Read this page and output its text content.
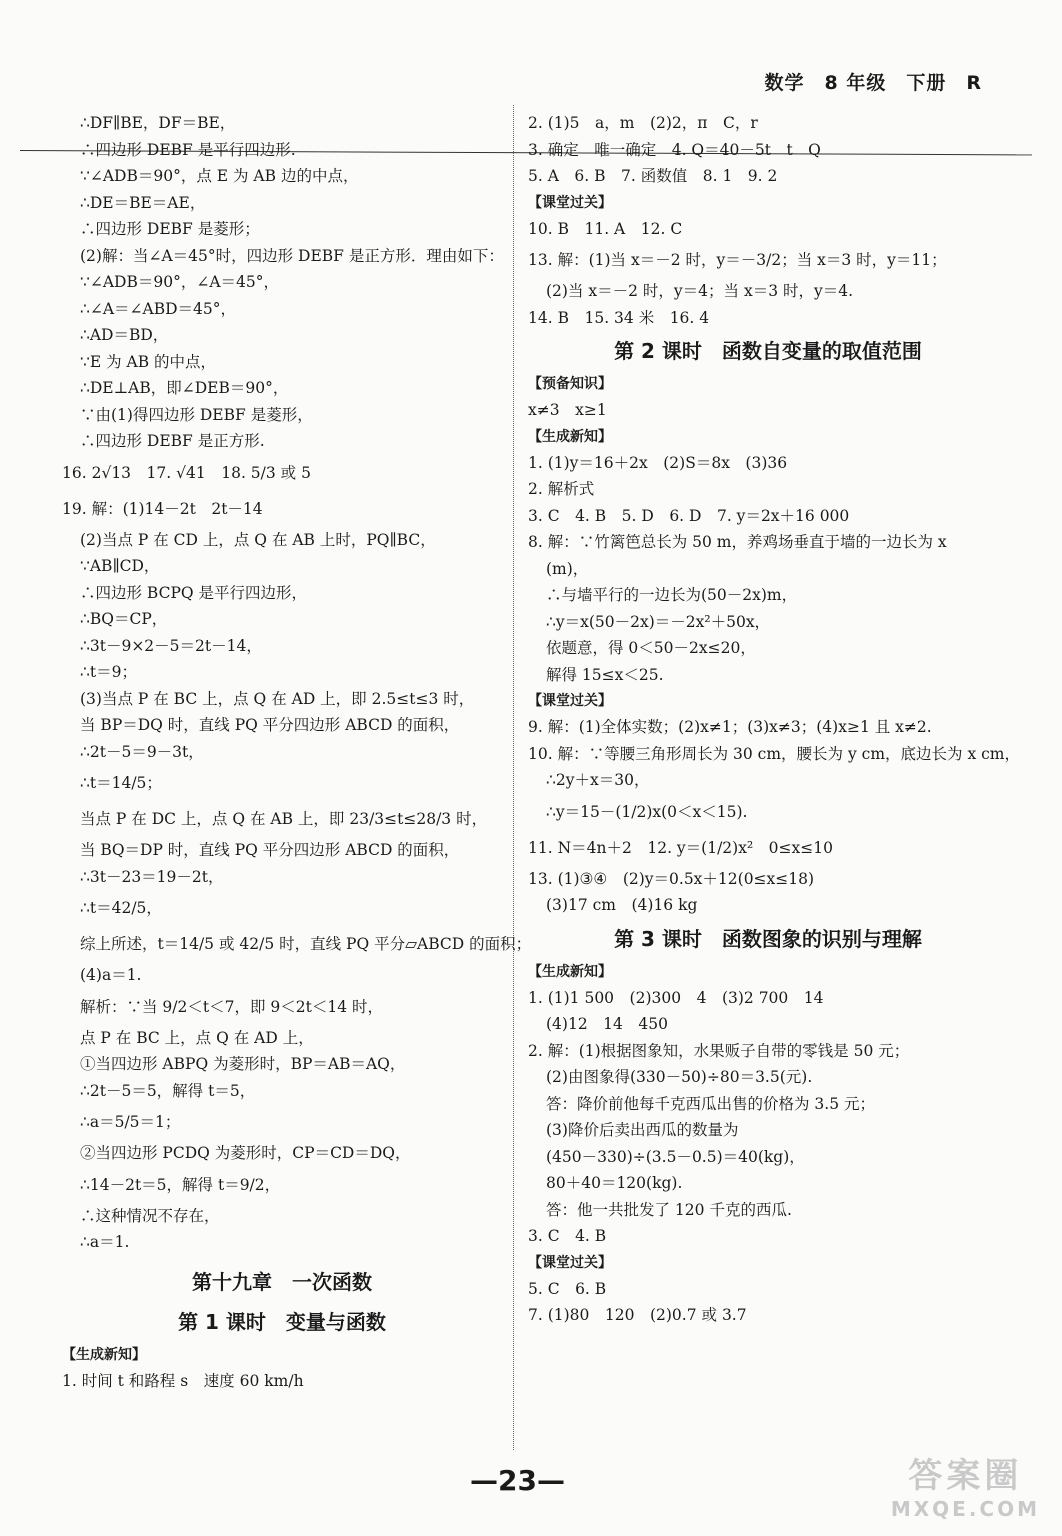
数学　8 年级　下册　R
∴DF∥BE，DF＝BE，
∴四边形 DEBF 是平行四边形.
∵∠ADB＝90°，点 E 为 AB 边的中点，
∴DE＝BE＝AE，
∴四边形 DEBF 是菱形；
(2)解：当∠A＝45°时，四边形 DEBF 是正方形．理由如下：
∵∠ADB＝90°，∠A＝45°，
∴∠A＝∠ABD＝45°，
∴AD＝BD，
∵E 为 AB 的中点，
∴DE⊥AB，即∠DEB＝90°，
∵由(1)得四边形 DEBF 是菱形，
∴四边形 DEBF 是正方形.
16. 2√13　17. √41　18. 5/3 或 5
19. 解：(1)14－2t　2t－14
(2)当点 P 在 CD 上，点 Q 在 AB 上时，PQ∥BC，
∵AB∥CD，
∴四边形 BCPQ 是平行四边形，
∴BQ＝CP，
∴3t－9×2－5＝2t－14，
∴t＝9；
(3)当点 P 在 BC 上，点 Q 在 AD 上，即 2.5≤t≤3 时，
当 BP＝DQ 时，直线 PQ 平分四边形 ABCD 的面积，
∴2t－5＝9－3t，
∴t＝14/5；
当点 P 在 DC 上，点 Q 在 AB 上，即 23/3≤t≤28/3 时，
当 BQ＝DP 时，直线 PQ 平分四边形 ABCD 的面积，
∴3t－23＝19－2t，
∴t＝42/5，
综上所述，t＝14/5 或 42/5 时，直线 PQ 平分▱ABCD 的面积；
(4)a＝1.
解析：∵当 9/2＜t＜7，即 9＜2t＜14 时，
点 P 在 BC 上，点 Q 在 AD 上，
①当四边形 ABPQ 为菱形时，BP＝AB＝AQ，
∴2t－5＝5，解得 t＝5，
∴a＝5/5＝1；
②当四边形 PCDQ 为菱形时，CP＝CD＝DQ，
∴14－2t＝5，解得 t＝9/2，
∴这种情况不存在，
∴a＝1.
第十九章　一次函数
第 1 课时　变量与函数
【生成新知】
1. 时间 t 和路程 s　速度 60 km/h
2. (1)5　a，m　(2)2，π　C，r
3. 确定　唯一确定　4. Q＝40－5t　t　Q
5. A　6. B　7. 函数值　8. 1　9. 2
【课堂过关】
10. B　11. A　12. C
13. 解：(1)当 x＝－2 时，y＝－3/2；当 x＝3 时，y＝11；
(2)当 x＝－2 时，y＝4；当 x＝3 时，y＝4.
14. B　15. 34 米　16. 4
第 2 课时　函数自变量的取值范围
【预备知识】
x≠3　x≥1
【生成新知】
1. (1)y＝16＋2x　(2)S＝8x　(3)36
2. 解析式
3. C　4. B　5. D　6. D　7. y＝2x＋16 000
8. 解：∵竹篱笆总长为 50 m，养鸡场垂直于墙的一边长为 x
(m)，
∴与墙平行的一边长为(50－2x)m，
∴y＝x(50－2x)＝－2x²＋50x，
依题意，得 0＜50－2x≤20，
解得 15≤x＜25.
【课堂过关】
9. 解：(1)全体实数；(2)x≠1；(3)x≠3；(4)x≥1 且 x≠2.
10. 解：∵等腰三角形周长为 30 cm，腰长为 y cm，底边长为 x cm，
∴2y＋x＝30，
∴y＝15－(1/2)x(0＜x＜15).
11. N＝4n＋2　12. y＝(1/2)x²　0≤x≤10
13. (1)③④　(2)y＝0.5x＋12(0≤x≤18)
(3)17 cm　(4)16 kg
第 3 课时　函数图象的识别与理解
【生成新知】
1. (1)1 500　(2)300　4　(3)2 700　14
(4)12　14　450
2. 解：(1)根据图象知，水果贩子自带的零钱是 50 元；
(2)由图象得(330－50)÷80＝3.5(元).
答：降价前他每千克西瓜出售的价格为 3.5 元；
(3)降价后卖出西瓜的数量为
(450－330)÷(3.5－0.5)＝40(kg)，
80＋40＝120(kg).
答：他一共批发了 120 千克的西瓜.
3. C　4. B
【课堂过关】
5. C　6. B
7. (1)80　120　(2)0.7 或 3.7
—23—	答案圈
MXQE.COM
